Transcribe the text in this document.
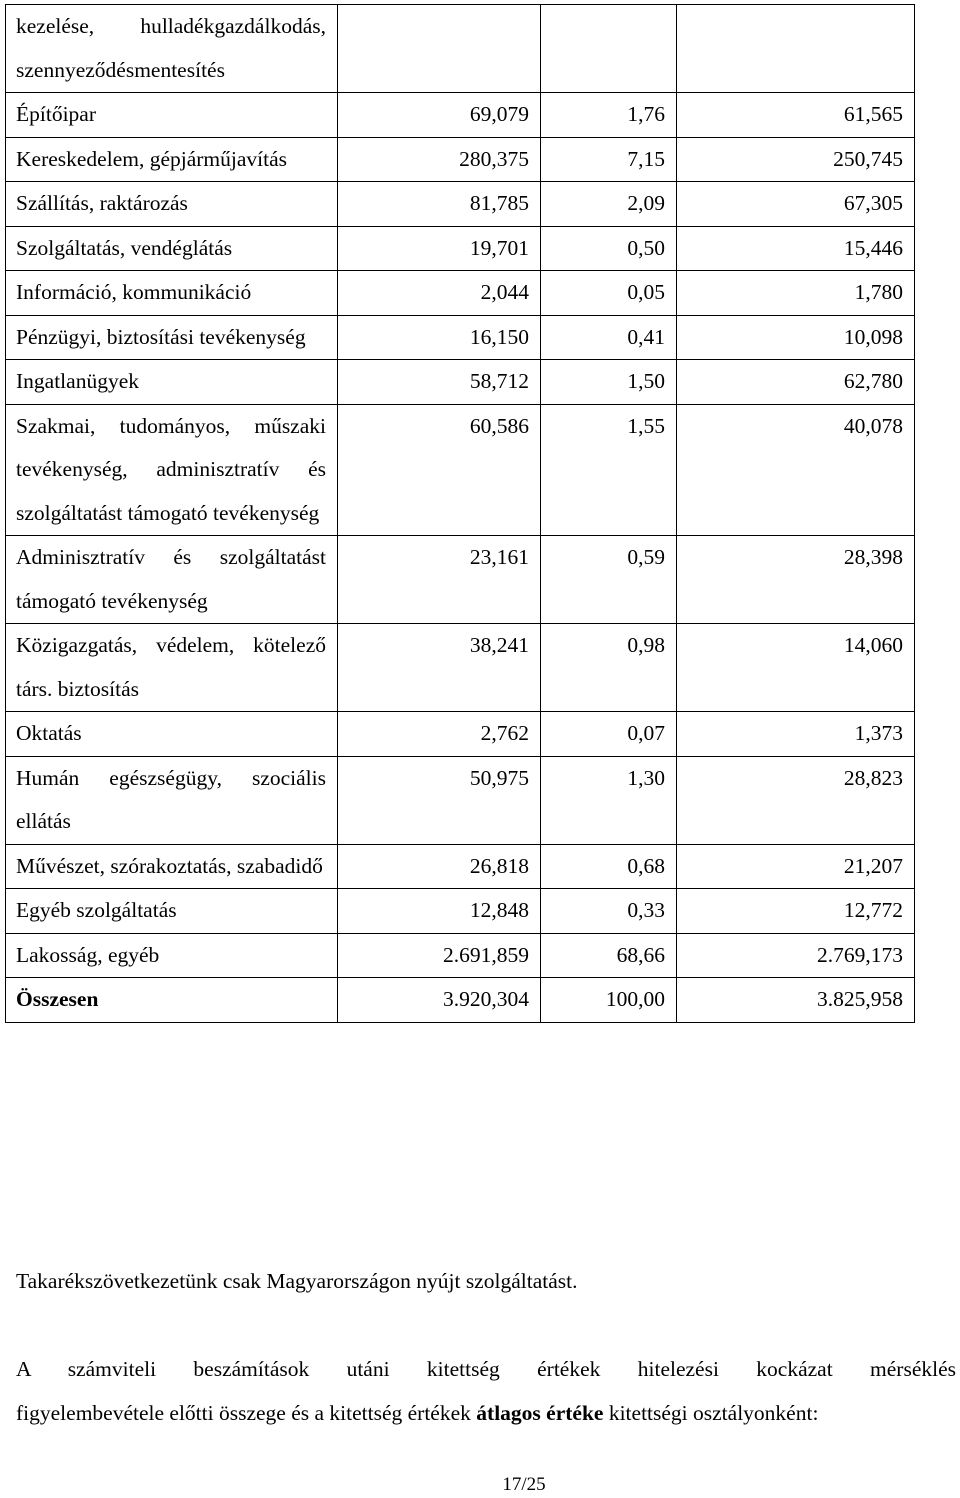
kezelése, hulladékgazdálkodás, szennyeződésmentesítés			
Építőipar	69,079	1,76	61,565
Kereskedelem, gépjárműjavítás	280,375	7,15	250,745
Szállítás, raktározás	81,785	2,09	67,305
Szolgáltatás, vendéglátás	19,701	0,50	15,446
Információ, kommunikáció	2,044	0,05	1,780
Pénzügyi, biztosítási tevékenység	16,150	0,41	10,098
Ingatlanügyek	58,712	1,50	62,780
Szakmai, tudományos, műszaki tevékenység, adminisztratív és szolgáltatást támogató tevékenység	60,586	1,55	40,078
Adminisztratív és szolgáltatást támogató tevékenység	23,161	0,59	28,398
Közigazgatás, védelem, kötelező társ. biztosítás	38,241	0,98	14,060
Oktatás	2,762	0,07	1,373
Humán egészségügy, szociális ellátás	50,975	1,30	28,823
Művészet, szórakoztatás, szabadidő	26,818	0,68	21,207
Egyéb szolgáltatás	12,848	0,33	12,772
Lakosság, egyéb	2.691,859	68,66	2.769,173
Összesen	3.920,304	100,00	3.825,958

Takarékszövetkezetünk csak Magyarországon nyújt szolgáltatást.

A számviteli beszámítások utáni kitettség értékek hitelezési kockázat mérséklés
figyelembevétele előtti összege és a kitettség értékek átlagos értéke kitettségi osztályonként:

17/25
